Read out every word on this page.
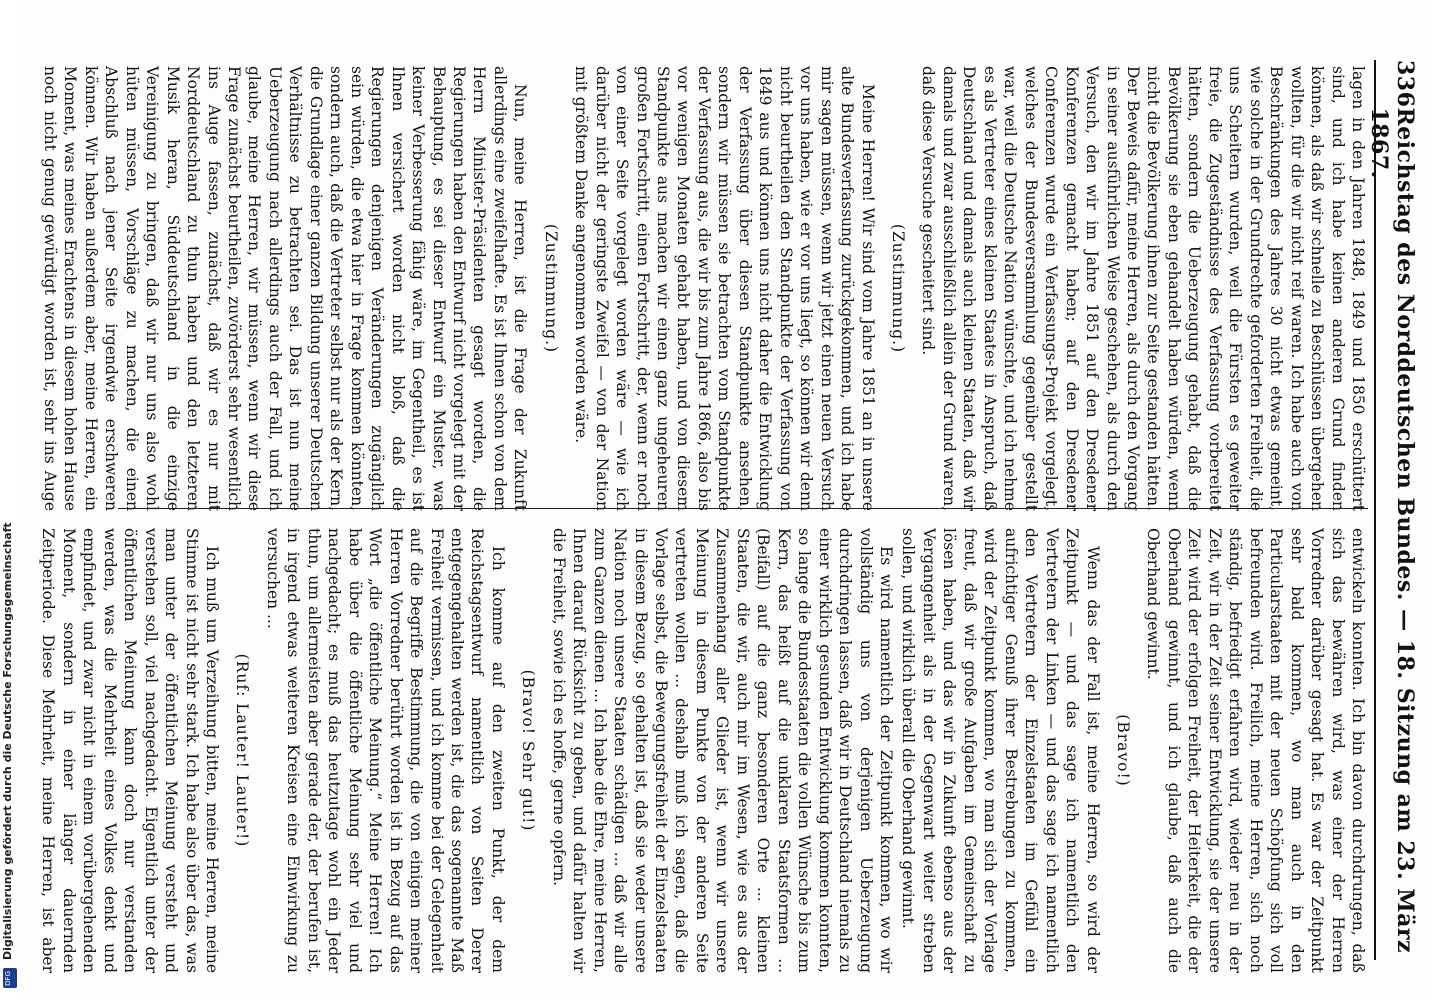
336
Reichstag des Norddeutschen Bundes. — 18. Sitzung am 23. März 1867.

lagen in den Jahren 1848, 1849 und 1850 erschüttert sind, und ich habe keinen anderen Grund finden können, als daß wir schnelle zu Beschlüssen übergehen wollten, für die wir nicht reif waren. Ich habe auch von Beschränkungen des Jahres 30 nicht etwas gemeint, wie solche in der Grundrechte geforderten Freiheit, die uns Scheitern wurden, weil die Fürsten es geweiter freie, die Zugeständnisse des Verfassung vorbereitet hätten, sondern die Ueberzeugung gehabt, daß die Bevölkerung sie eben gehandelt haben würden, wenn nicht die Bevölkerung ihnen zur Seite gestanden hätten. Der Beweis dafür, meine Herren, als durch den Vorgang in seiner ausführlichen Weise geschehen, als durch den Versuch, den wir im Jahre 1851 auf den Dresdener Konferenzen gemacht haben; auf den Dresdener Conferenzen wurde ein Verfassungs-Projekt vorgelegt, welches der Bundesversammlung gegenüber gestellt war, weil die Deutsche Nation wünschte, und ich nehme es als Vertreter eines kleinen Staates in Anspruch, daß Deutschland und damals auch kleinen Staaten, daß wir damals und zwar ausschließlich allein der Grund waren, daß diese Versuche gescheitert sind.

(Zustimmung.)

Meine Herren! Wir sind vom Jahre 1851 an in unsere alte Bundesverfassung zurückgekommen, und ich habe mir sagen müssen, wenn wir jetzt einen neuen Versuch vor uns haben, wie er vor uns liegt, so können wir denn nicht beurtheilen den Standpunkte der Verfassung von 1849 aus und können uns nicht daher die Entwicklung der Verfassung über diesen Standpunkte ansehen, sondern wir müssen sie betrachten vom Standpunkte der Verfassung aus, die wir bis zum Jahre 1866, also bis vor wenigen Monaten gehabt haben, und von diesem Standpunkte aus machen wir einen ganz ungeheuren großen Fortschritt, einen Fortschritt, der, wenn er noch von einer Seite vorgelegt worden wäre — wie ich darüber nicht der geringste Zweifel — von der Nation mit größtem Danke angenommen worden wäre.

(Zustimmung.)

Nun, meine Herren, ist die Frage der Zukunft allerdings eine zweifelhafte. Es ist Ihnen schon von dem Herrn Minister-Präsidenten gesagt worden, die Regierungen haben den Entwurf nicht vorgelegt mit der Behauptung, es sei dieser Entwurf ein Muster, was keiner Verbesserung fähig wäre, im Gegentheil, es ist Ihnen versichert worden nicht bloß, daß die Regierungen denjenigen Veränderungen zugänglich sein würden, die etwa hier in Frage kommen könnten, sondern auch, daß die Vertreter selbst nur als der Kern, die Grundlage einer ganzen Bildung unserer Deutschen Verhältnisse zu betrachten sei. Das ist nun meine Ueberzeugung nach allerdings auch der Fall, und ich glaube, meine Herren, wir müssen, wenn wir diese Frage zunächst beurtheilen, zuvörderst sehr wesentlich ins Auge fassen, zunächst, daß wir es nur mit Norddeutschland zu thun haben und den letzteren Musik heran, Süddeutschland in die einzige Vereinigung zu bringen, daß wir nur uns also wohl hüten müssen, Vorschläge zu machen, die einen Abschluß nach jener Seite irgendwie erschweren können. Wir haben außerdem aber, meine Herren, ein Moment, was meines Erachtens in diesem hohen Hause noch nicht genug gewürdigt worden ist, sehr ins Auge

entwickeln konnten. Ich bin davon durchdrungen, daß sich das bewähren wird, was einer der Herren Vorredner darüber gesagt hat. Es war der Zeitpunkt sehr bald kommen, wo man auch in den Particularstaaten mit der neuen Schöpfung sich voll befreunden wird. Freilich, meine Herren, sich noch ständig, befriedigt erfahren wird, wieder neu in der Zeit, wir in der Zeit seiner Entwicklung, sie der unsere Zeit wird der erfolgen Freiheit, der Heiterkeit, die der Oberhand gewinnt, und ich glaube, daß auch die Oberhand gewinnt.

(Bravo!)

Wenn das der Fall ist, meine Herren, so wird der Zeitpunkt — und das sage ich namentlich den Vertretern der Linken — und das sage ich namentlich den Vertretern der Einzelstaaten im Gefühl ein aufrichtiger Genuß ihrer Bestrebungen zu kommen, wird der Zeitpunkt kommen, wo man sich der Vorlage freut, daß wir große Aufgaben im Gemeinschaft zu lösen haben, und das wir in Zukunft ebenso aus der Vergangenheit als in der Gegenwart weiter streben sollen, und wirklich überall die Oberhand gewinnt.

Es wird namentlich der Zeitpunkt kommen, wo wir vollständig uns von derjenigen Ueberzeugung durchdringen lassen, daß wir in Deutschland niemals zu einer wirklich gesunden Entwicklung kommen konnten, so lange die Bundesstaaten die vollen Wünsche bis zum Kern, das heißt auf die unklaren Staatsformen ... (Beifall) auf die ganz besonderen Orte ... kleinen Staaten, die wir, auch mir im Wesen, wie es aus der Zusammenhang aller Glieder ist, wenn wir unsere Meinung in diesem Punkte von der anderen Seite vertreten wollen ... deshalb muß ich sagen, daß die Vorlage selbst, die Bewegungsfreiheit der Einzelstaaten in diesem Bezug, so gehalten ist, daß sie weder unsere Nation noch unsere Staaten schädigen ... daß wir alle zum Ganzen dienen ... Ich habe die Ehre, meine Herren, Ihnen darauf Rücksicht zu geben, und dafür halten wir die Freiheit, sowie ich es hoffe, gerne opfern.

(Bravo! Sehr gut!)

Ich komme auf den zweiten Punkt, der dem Reichstagsentwurf namentlich von Seiten Derer entgegengehalten werden ist, die das sogenannte Maß Freiheit vermissen, und ich komme bei der Gelegenheit auf die Begriffe Bestimmung, die von einigen meiner Herren Vorredner berührt worden ist in Bezug auf das Wort „die öffentliche Meinung.“ Meine Herren! Ich habe über die öffentliche Meinung sehr viel und nachgedacht; es muß das heutzutage wohl ein Jeder thun, um allermeisten aber gerade der, der berufen ist, in irgend etwas weiteren Kreisen eine Einwirkung zu versuchen ...

(Ruf: Lauter! Lauter!)

Ich muß um Verzeihung bitten, meine Herren, meine Stimme ist nicht sehr stark. Ich habe also über das, was man unter der öffentlichen Meinung versteht und verstehen soll, viel nachgedacht. Eigentlich unter der öffentlichen Meinung kann doch nur verstanden werden, was die Mehrheit eines Volkes denkt und empfindet, und zwar nicht in einem vorübergehenden Moment, sondern in einer länger dauernden Zeitperiode. Diese Mehrheit, meine Herren, ist aber

Digitalisierung gefördert durch die Deutsche Forschungsgemeinschaft
DFG
